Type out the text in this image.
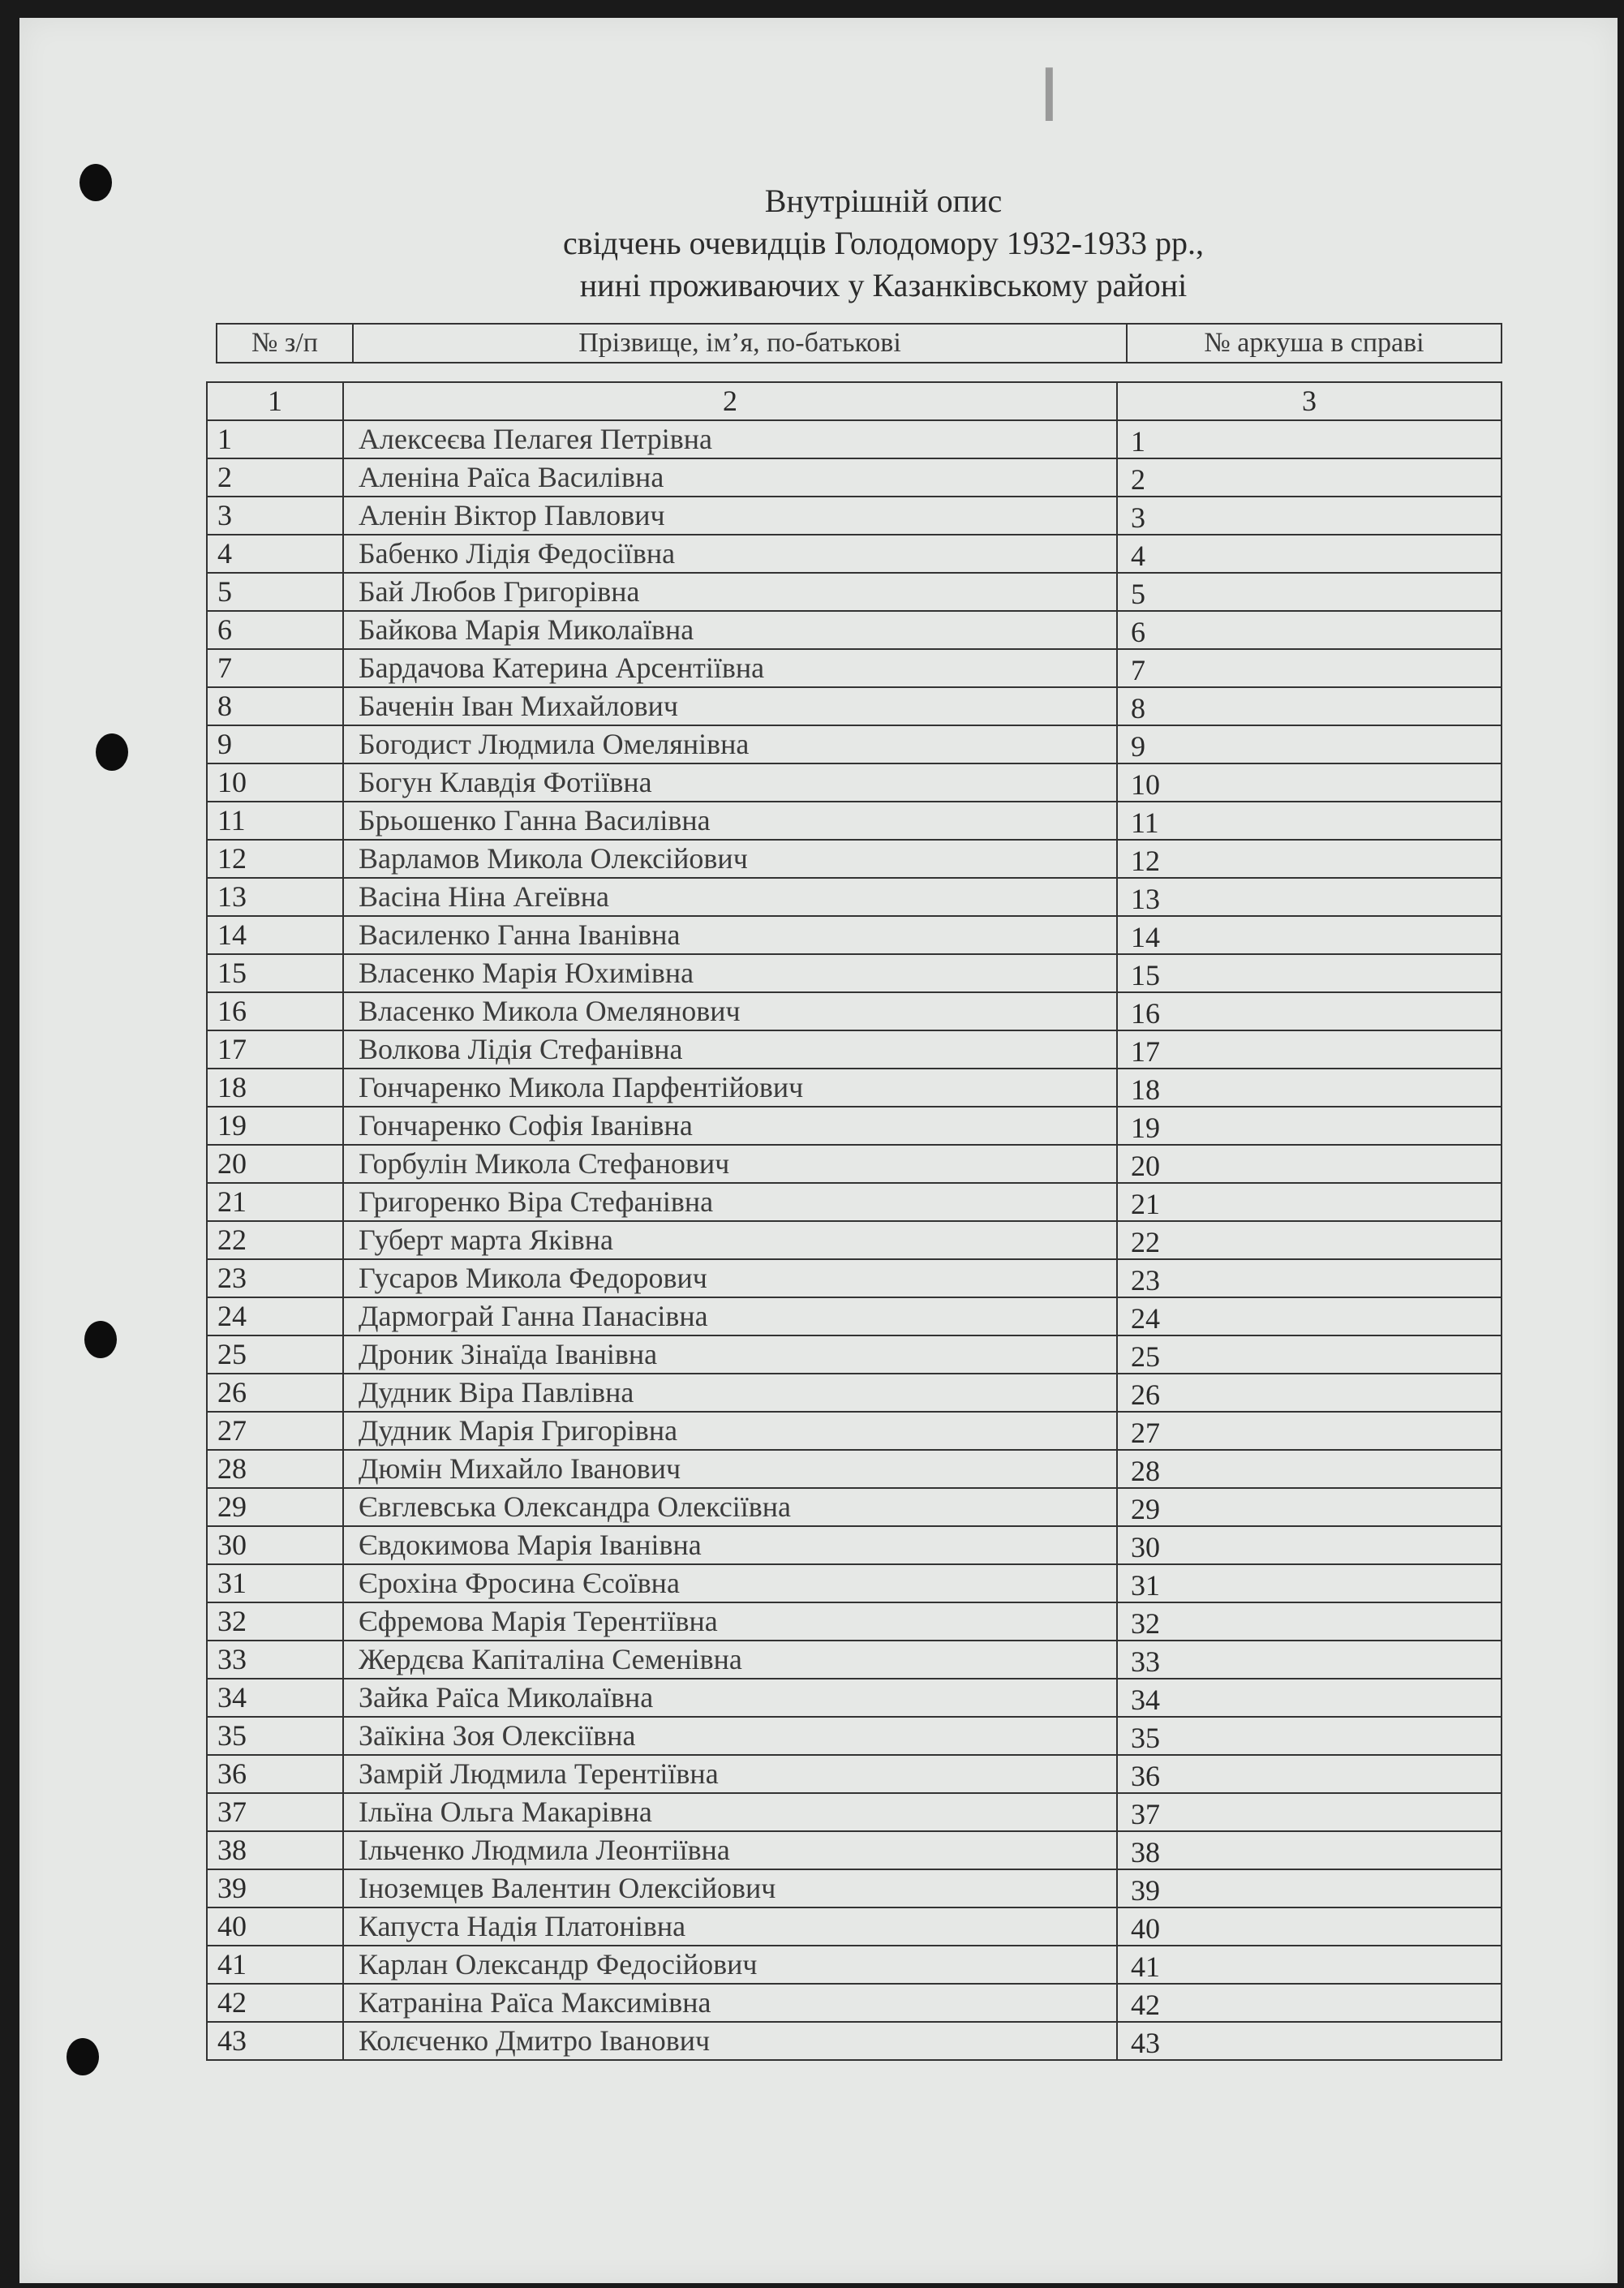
I
Внутрішній опис
свідчень очевидців Голодомору 1932-1933 рр.,
нині проживаючих у Казанківському районі
№ з/п	Прізвище, ім’я, по-батькові	№ аркуша в справі
1	2	3
1	Алексеєва Пелагея Петрівна	1
2	Аленіна Раїса Василівна	2
3	Аленін Віктор Павлович	3
4	Бабенко Лідія Федосіївна	4
5	Бай Любов Григорівна	5
6	Байкова Марія Миколаївна	6
7	Бардачова Катерина Арсентіївна	7
8	Баченін Іван Михайлович	8
9	Богодист Людмила Омелянівна	9
10	Богун Клавдія Фотіївна	10
11	Брьошенко Ганна Василівна	11
12	Варламов Микола Олексійович	12
13	Васіна Ніна Агеївна	13
14	Василенко Ганна Іванівна	14
15	Власенко Марія Юхимівна	15
16	Власенко Микола Омелянович	16
17	Волкова Лідія Стефанівна	17
18	Гончаренко Микола Парфентійович	18
19	Гончаренко Софія Іванівна	19
20	Горбулін Микола Стефанович	20
21	Григоренко Віра Стефанівна	21
22	Губерт марта Яківна	22
23	Гусаров Микола Федорович	23
24	Дармограй Ганна Панасівна	24
25	Дроник Зінаїда Іванівна	25
26	Дудник Віра Павлівна	26
27	Дудник Марія Григорівна	27
28	Дюмін Михайло Іванович	28
29	Євглевська Олександра Олексіївна	29
30	Євдокимова Марія Іванівна	30
31	Єрохіна Фросина Єсоївна	31
32	Єфремова Марія Терентіївна	32
33	Жердєва Капіталіна Семенівна	33
34	Зайка Раїса Миколаївна	34
35	Заїкіна Зоя Олексіївна	35
36	Замрій Людмила Терентіївна	36
37	Ільїна Ольга Макарівна	37
38	Ільченко Людмила Леонтіївна	38
39	Іноземцев Валентин Олексійович	39
40	Капуста Надія Платонівна	40
41	Карлан Олександр Федосійович	41
42	Катраніна Раїса Максимівна	42
43	Колєченко Дмитро Іванович	43
